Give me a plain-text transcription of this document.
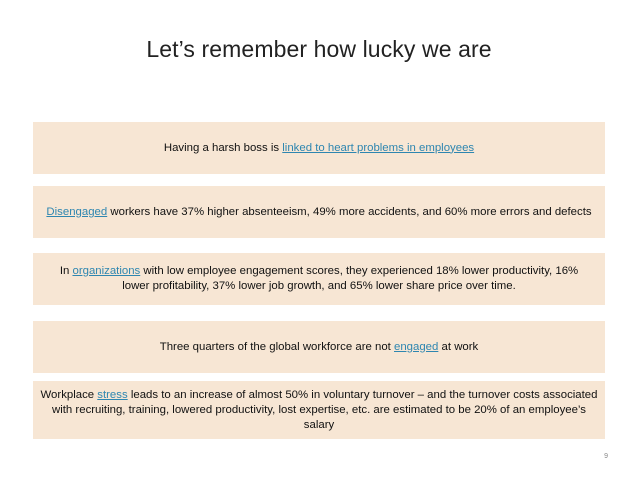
Let’s remember how lucky we are
Having a harsh boss is linked to heart problems in employees
Disengaged workers have 37% higher absenteeism, 49% more accidents, and 60% more errors and defects
In organizations with low employee engagement scores, they experienced 18% lower productivity, 16% lower profitability, 37% lower job growth, and 65% lower share price over time.
Three quarters of the global workforce are not engaged at work
Workplace stress leads to an increase of almost 50% in voluntary turnover – and the turnover costs associated with recruiting, training, lowered productivity, lost expertise, etc. are estimated to be 20% of an employee’s salary
9
